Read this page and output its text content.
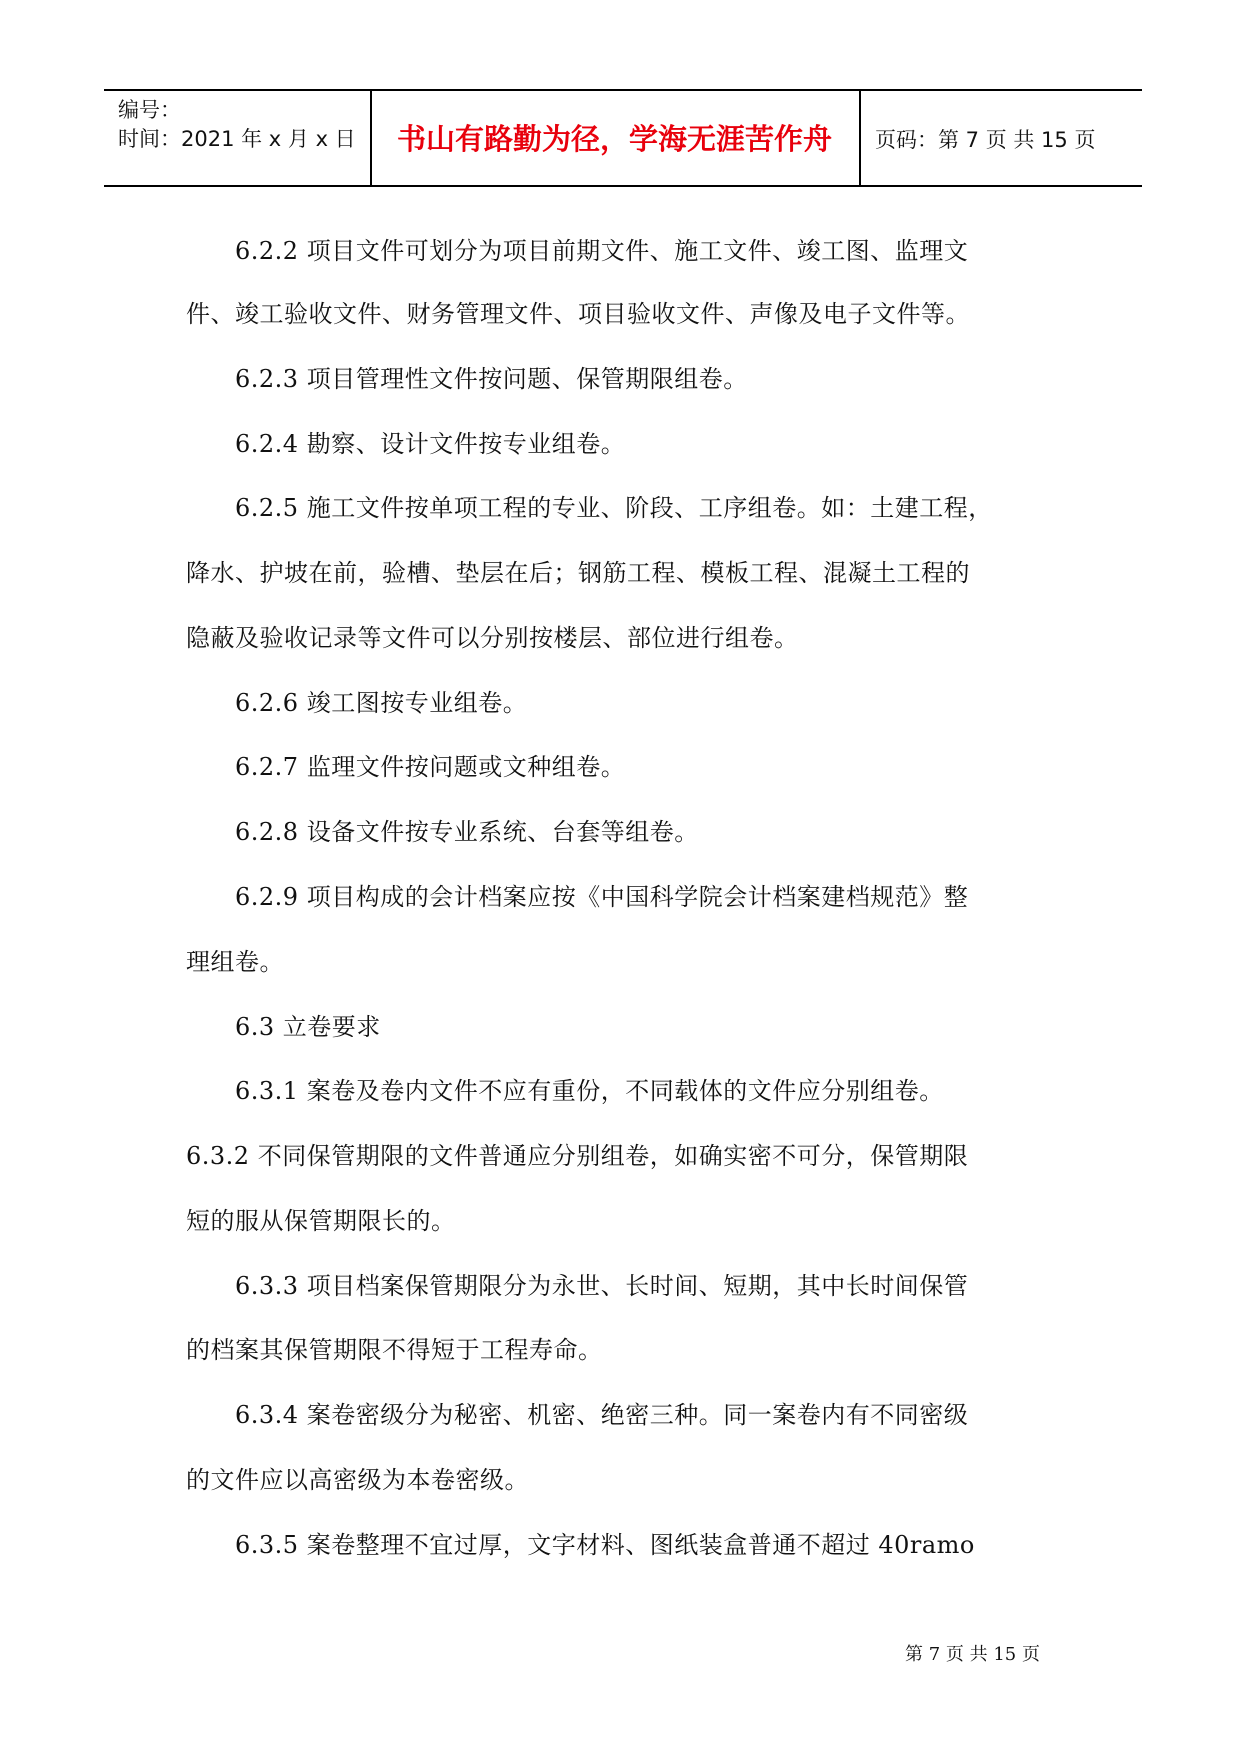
编号：
时间：2021 年 x 月 x 日	书山有路勤为径，学海无涯苦作舟	页码：第 7 页 共 15 页
6.2.2 项目文件可划分为项目前期文件、施工文件、竣工图、监理文
件、竣工验收文件、财务管理文件、项目验收文件、声像及电子文件等。
6.2.3 项目管理性文件按问题、保管期限组卷。
6.2.4 勘察、设计文件按专业组卷。
6.2.5 施工文件按单项工程的专业、阶段、工序组卷。如：土建工程，
降水、护坡在前，验槽、垫层在后；钢筋工程、模板工程、混凝土工程的
隐蔽及验收记录等文件可以分别按楼层、部位进行组卷。
6.2.6 竣工图按专业组卷。
6.2.7 监理文件按问题或文种组卷。
6.2.8 设备文件按专业系统、台套等组卷。
6.2.9 项目构成的会计档案应按《中国科学院会计档案建档规范》整
理组卷。
6.3 立卷要求
6.3.1 案卷及卷内文件不应有重份，不同载体的文件应分别组卷。
6.3.2 不同保管期限的文件普通应分别组卷，如确实密不可分，保管期限
短的服从保管期限长的。
6.3.3 项目档案保管期限分为永世、长时间、短期，其中长时间保管
的档案其保管期限不得短于工程寿命。
6.3.4 案卷密级分为秘密、机密、绝密三种。同一案卷内有不同密级
的文件应以高密级为本卷密级。
6.3.5 案卷整理不宜过厚，文字材料、图纸装盒普通不超过 40ramo
第 7 页 共 15 页
